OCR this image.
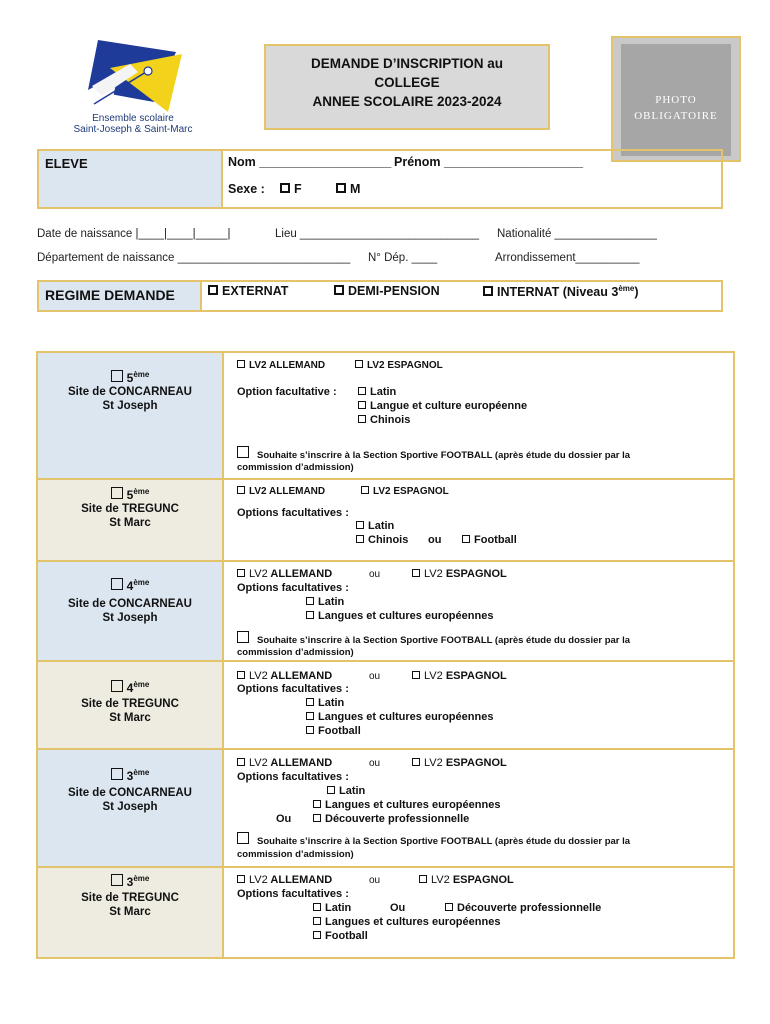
Ensemble scolaire
Saint-Joseph & Saint-Marc
DEMANDE D’INSCRIPTION au
COLLEGE
ANNEE SCOLAIRE 2023-2024	PHOTO
OBLIGATOIRE
ELEVE	Nom ___________________ Prénom ____________________
Sexe :	F	M
Date de naissance |____|____|_____|	Lieu ____________________________ Nationalité ________________
Département de naissance ___________________________ N° Dép. ____	Arrondissement__________
REGIME DEMANDE	EXTERNAT	DEMI-PENSION	INTERNAT (Niveau 3ème)
5ème
Site de CONCARNEAU
St Joseph
LV2 ALLEMAND	LV2 ESPAGNOL
Option facultative :	Latin
Langue et culture européenne
Chinois
Souhaite s’inscrire à la Section Sportive FOOTBALL (après étude du dossier par la
commission d’admission)
5ème
Site de TREGUNC
St Marc
LV2 ALLEMAND	LV2 ESPAGNOL
Options facultatives :
Latin
Chinois ou	Football
4ème
Site de CONCARNEAU
St Joseph
LV2 ALLEMAND	ou	LV2 ESPAGNOL
Options facultatives :
Latin
Langues et cultures européennes
Souhaite s’inscrire à la Section Sportive FOOTBALL (après étude du dossier par la
commission d’admission)
4ème
Site de TREGUNC
St Marc
LV2 ALLEMAND	ou	LV2 ESPAGNOL
Options facultatives :
Latin
Langues et cultures européennes
Football
3ème
Site de CONCARNEAU
St Joseph
LV2 ALLEMAND	ou	LV2 ESPAGNOL
Options facultatives :
Latin
Langues et cultures européennes
Ou	Découverte professionnelle
Souhaite s’inscrire à la Section Sportive FOOTBALL (après étude du dossier par la
commission d’admission)
3ème
Site de TREGUNC
St Marc
LV2 ALLEMAND	ou	LV2 ESPAGNOL
Options facultatives :
Latin	Ou	Découverte professionnelle
Langues et cultures européennes
Football
